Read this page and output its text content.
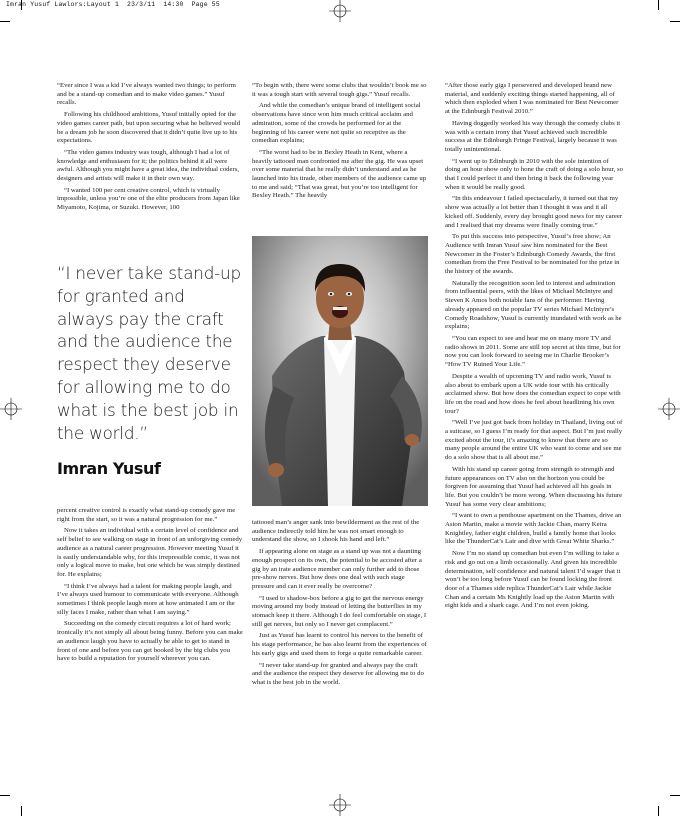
Imran Yusuf Lawlors:Layout 1  23/3/11  14:30  Page 55

“Ever since I was a kid I’ve always wanted two things; to perform and be a stand-up comedian and to make video games.” Yusuf recalls.

Following his childhood ambitions, Yusuf initially opted for the video games career path, but upon securing what he believed would be a dream job he soon discovered that it didn’t quite live up to his expectations.

“The video games industry was tough, although I had a lot of knowledge and enthusiasm for it; the politics behind it all were awful. Although you might have a great idea, the individual coders, designers and artists will make it in their own way.

“I wanted 100 per cent creative control, which is virtually impossible, unless you’re one of the elite producers from Japan like Miyamoto, Kojima, or Suzuki. However, 100

“I never take stand-up for granted and always pay the craft and the audience the respect they deserve for allowing me to do what is the best job in the world.”
Imran Yusuf

percent creative control is exactly what stand-up comedy gave me right from the start, so it was a natural progression for me.”

Now it takes an individual with a certain level of confidence and self belief to see walking on stage in front of an unforgiving comedy audience as a natural career progression. However meeting Yusuf it is easily understandable why, for this irrepressible comic, it was not only a logical move to make, but one which he was simply destined for. He explains;

“I think I’ve always had a talent for making people laugh, and I’ve always used humour to communicate with everyone. Although sometimes I think people laugh more at how animated I am or the silly faces I make, rather than what I am saying.”

Succeeding on the comedy circuit requires a lot of hard work; ironically it’s not simply all about being funny. Before you can make an audience laugh you have to actually be able to get to stand in front of one and before you can get booked by the big clubs you have to build a reputation for yourself wherever you can.

“To begin with, there were some clubs that wouldn’t book me so it was a tough start with several tough gigs.” Yusuf recalls.

And while the comedian’s unique brand of intelligent social observations have since won him much critical acclaim and admiration, some of the crowds he performed for at the beginning of his career were not quite so receptive as the comedian explains;

“The worst had to be in Bexley Heath in Kent, where a heavily tattooed man confronted me after the gig. He was upset over some material that he really didn’t understand and as he launched into his tirade, other members of the audience came up to me and said; “That was great, but you’re too intelligent for Bexley Heath.” The heavily

tattooed man’s anger sank into bewilderment as the rest of the audience indirectly told him he was not smart enough to understand the show, so I shook his hand and left.”

If appearing alone on stage as a stand up was not a daunting enough prospect on its own, the potential to be accosted after a gig by an irate audience member can only further add to those pre-show nerves. But how does one deal with such stage pressure and can it ever really be overcome?

“I used to shadow-box before a gig to get the nervous energy moving around my body instead of letting the butterflies in my stomach keep it there. Although I do feel comfortable on stage, I still get nerves, but only so I never get complacent.”

Just as Yusuf has learnt to control his nerves to the benefit of his stage performance, he has also learnt from the experiences of his early gigs and used them to forge a quite remarkable career.

“I never take stand-up for granted and always pay the craft and the audience the respect they deserve for allowing me to do what is the best job in the world.

“After those early gigs I persevered and developed brand new material, and suddenly exciting things started happening, all of which then exploded when I was nominated for Best Newcomer at the Edinburgh Festival 2010.”

Having doggedly worked his way through the comedy clubs it was with a certain irony that Yusuf achieved such incredible success at the Edinburgh Fringe Festival, largely because it was totally unintentional.

“I went up to Edinburgh in 2010 with the sole intention of doing an hour show only to hone the craft of doing a solo hour, so that I could perfect it and then bring it back the following year when it would be really good.

“In this endeavour I failed spectacularly, it turned out that my show was actually a lot better than I thought it was and it all kicked off. Suddenly, every day brought good news for my career and I realised that my dreams were finally coming true.”

To put this success into perspective, Yusuf’s free show; An Audience with Imran Yusuf saw him nominated for the Best Newcomer in the Foster’s Edinburgh Comedy Awards, the first comedian from the Free Festival to be nominated for the prize in the history of the awards.

Naturally the recognition soon led to interest and admiration from influential peers, with the likes of Michael McIntyre and Steven K Amos both notable fans of the performer. Having already appeared on the popular TV series Michael McIntyre’s Comedy Roadshow, Yusuf is currently inundated with work as he explains;

“You can expect to see and hear me on many more TV and radio shows in 2011. Some are still top secret at this time, but for now you can look forward to seeing me in Charlie Brooker’s “How TV Ruined Your Life.”

Despite a wealth of upcoming TV and radio work, Yusuf is also about to embark upon a UK wide tour with his critically acclaimed show. But how does the comedian expect to cope with life on the road and how does he feel about headlining his own tour?

“Well I’ve just got back from holiday in Thailand, living out of a suitcase, so I guess I’m ready for that aspect. But I’m just really excited about the tour, it’s amazing to know that there are so many people around the entire UK who want to come and see me do a solo show that is all about me.”

With his stand up career going from strength to strength and future appearances on TV also on the horizon you could be forgiven for assuming that Yusuf had achieved all his goals in life. But you couldn’t be more wrong. When discussing his future Yusuf has some very clear ambitions;

“I want to own a penthouse apartment on the Thames, drive an Aston Martin, make a movie with Jackie Chan, marry Keira Knightley, father eight children, build a family home that looks like the ThunderCat’s Lair and dive with Great White Sharks.”

Now I’m no stand up comedian but even I’m willing to take a risk and go out on a limb occasionally. And given his incredible determination, self confidence and natural talent I’d wager that it won’t be too long before Yusuf can be found locking the front door of a Thames side replica ThunderCat’s Lair while Jackie Chan and a certain Ms Knightly load up the Aston Martin with eight kids and a shark cage. And I’m not even joking.
